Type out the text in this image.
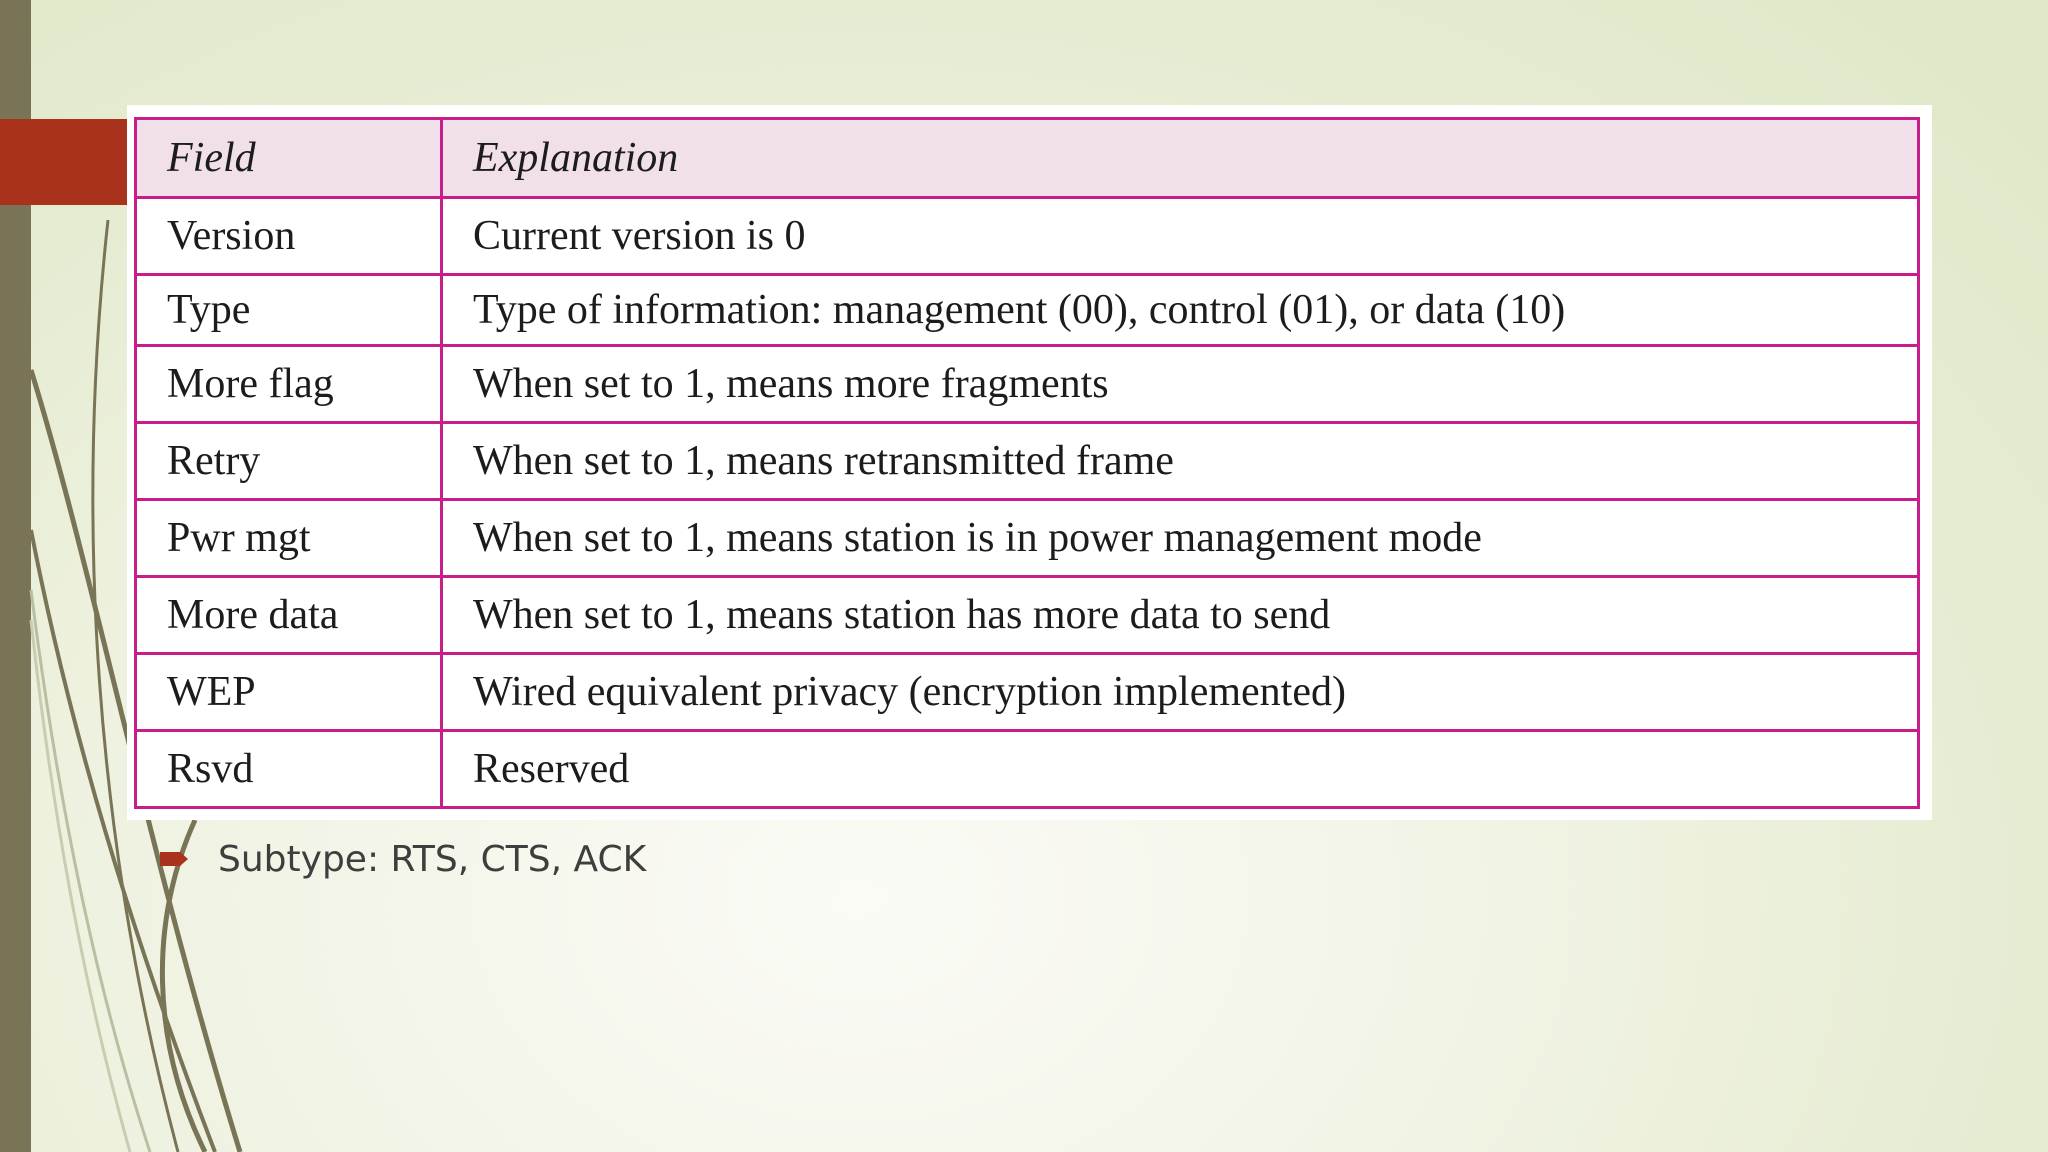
Field	Explanation
Version	Current version is 0
Type	Type of information: management (00), control (01), or data (10)
More flag	When set to 1, means more fragments
Retry	When set to 1, means retransmitted frame
Pwr mgt	When set to 1, means station is in power management mode
More data	When set to 1, means station has more data to send
WEP	Wired equivalent privacy (encryption implemented)
Rsvd	Reserved
Subtype: RTS, CTS, ACK
